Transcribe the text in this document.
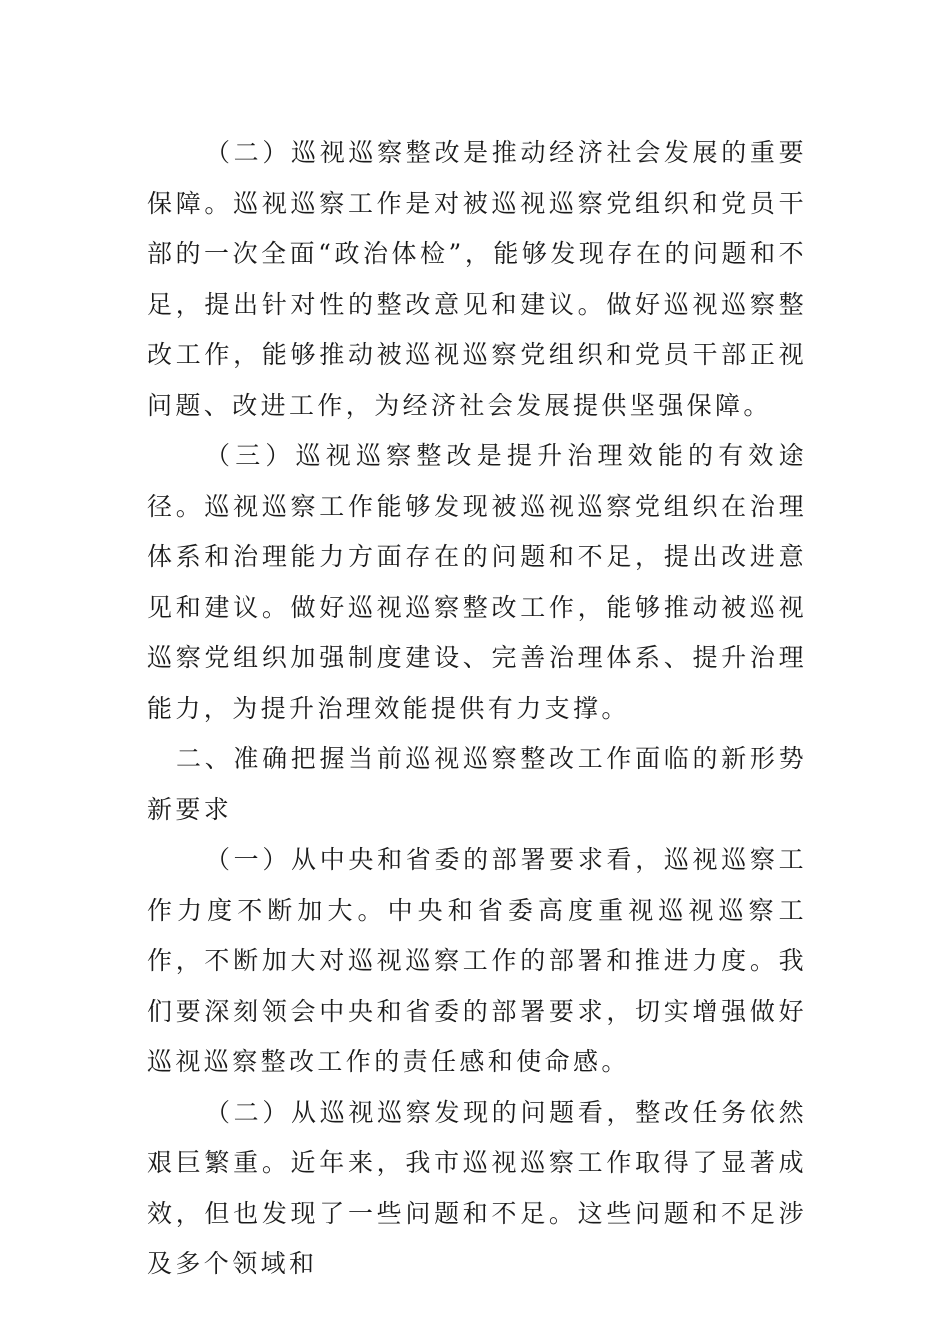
（二）巡视巡察整改是推动经济社会发展的重要保障。巡视巡察工作是对被巡视巡察党组织和党员干部的一次全面“政治体检”，能够发现存在的问题和不足，提出针对性的整改意见和建议。做好巡视巡察整改工作，能够推动被巡视巡察党组织和党员干部正视问题、改进工作，为经济社会发展提供坚强保障。

（三）巡视巡察整改是提升治理效能的有效途径。巡视巡察工作能够发现被巡视巡察党组织在治理体系和治理能力方面存在的问题和不足，提出改进意见和建议。做好巡视巡察整改工作，能够推动被巡视巡察党组织加强制度建设、完善治理体系、提升治理能力，为提升治理效能提供有力支撑。

二、准确把握当前巡视巡察整改工作面临的新形势新要求

（一）从中央和省委的部署要求看，巡视巡察工作力度不断加大。中央和省委高度重视巡视巡察工作，不断加大对巡视巡察工作的部署和推进力度。我们要深刻领会中央和省委的部署要求，切实增强做好巡视巡察整改工作的责任感和使命感。

（二）从巡视巡察发现的问题看，整改任务依然艰巨繁重。近年来，我市巡视巡察工作取得了显著成效，但也发现了一些问题和不足。这些问题和不足涉及多个领域和
